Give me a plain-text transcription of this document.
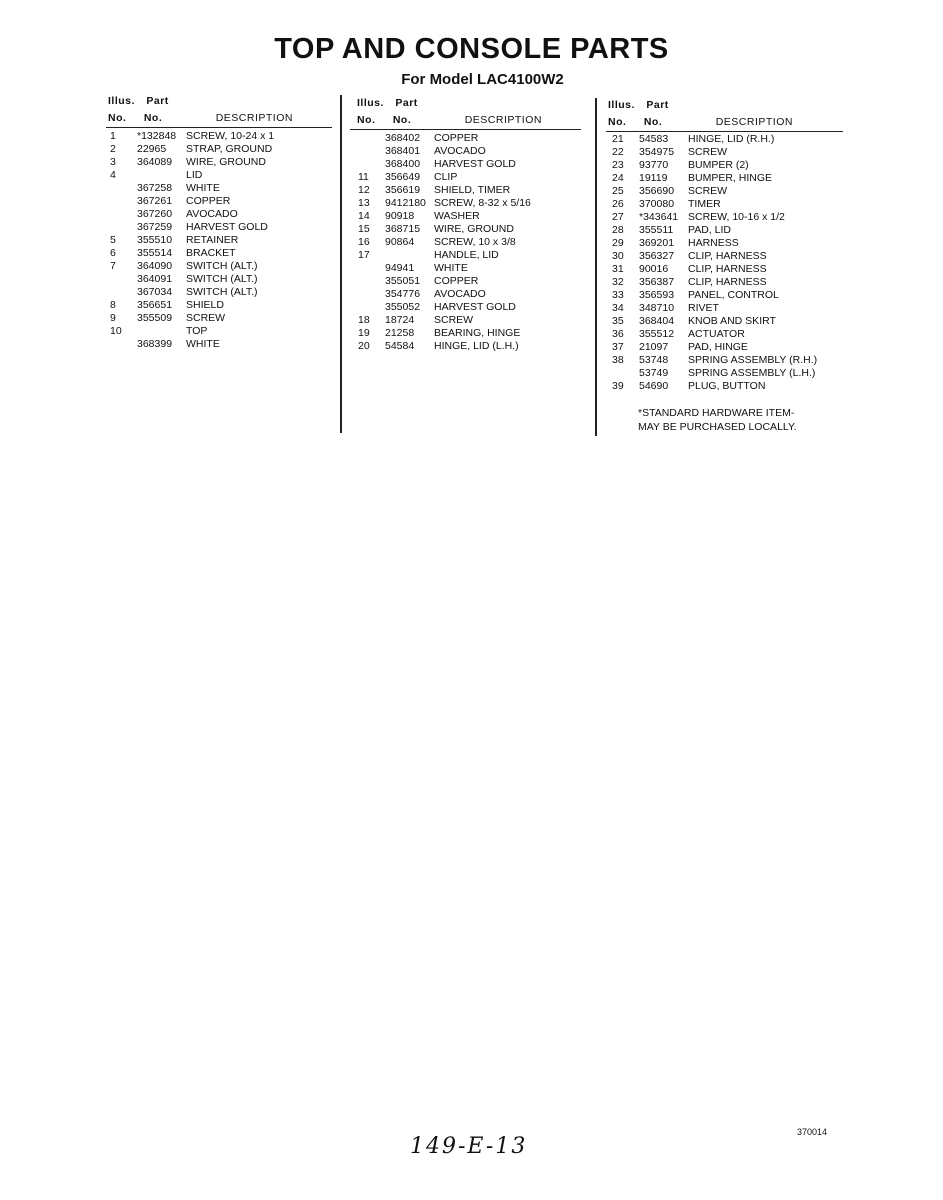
TOP AND CONSOLE PARTS
For Model LAC4100W2
Illus. Part
No. No.	DESCRIPTION
1 *132848 SCREW, 10-24 x 1
2 22965 STRAP, GROUND
3 364089 WIRE, GROUND
4	LID
367258 WHITE
367261 COPPER
367260 AVOCADO
367259 HARVEST GOLD
5 355510 RETAINER
6 355514 BRACKET
7 364090 SWITCH (ALT.)
364091 SWITCH (ALT.)
367034 SWITCH (ALT.)
8 356651 SHIELD
9 355509 SCREW
10	TOP
368399 WHITE
Illus. Part
No. No.	DESCRIPTION
368402 COPPER
368401 AVOCADO
368400 HARVEST GOLD
11 356649 CLIP
12 356619 SHIELD, TIMER
13 9412180 SCREW, 8-32 x 5/16
14 90918 WASHER
15 368715 WIRE, GROUND
16 90864 SCREW, 10 x 3/8
17	HANDLE, LID
94941 WHITE
355051 COPPER
354776 AVOCADO
355052 HARVEST GOLD
18 18724 SCREW
19 21258 BEARING, HINGE
20 54584 HINGE, LID (L.H.)
Illus. Part
No. No.	DESCRIPTION
21 54583 HINGE, LID (R.H.)
22 354975 SCREW
23 93770 BUMPER (2)
24 19119 BUMPER, HINGE
25 356690 SCREW
26 370080 TIMER
27 *343641 SCREW, 10-16 x 1/2
28 355511 PAD, LID
29 369201 HARNESS
30 356327 CLIP, HARNESS
31 90016 CLIP, HARNESS
32 356387 CLIP, HARNESS
33 356593 PANEL, CONTROL
34 348710 RIVET
35 368404 KNOB AND SKIRT
36 355512 ACTUATOR
37 21097 PAD, HINGE
38 53748 SPRING ASSEMBLY (R.H.)
53749 SPRING ASSEMBLY (L.H.)
39 54690 PLUG, BUTTON
*STANDARD HARDWARE ITEM-
MAY BE PURCHASED LOCALLY.
149-E-13
370014
